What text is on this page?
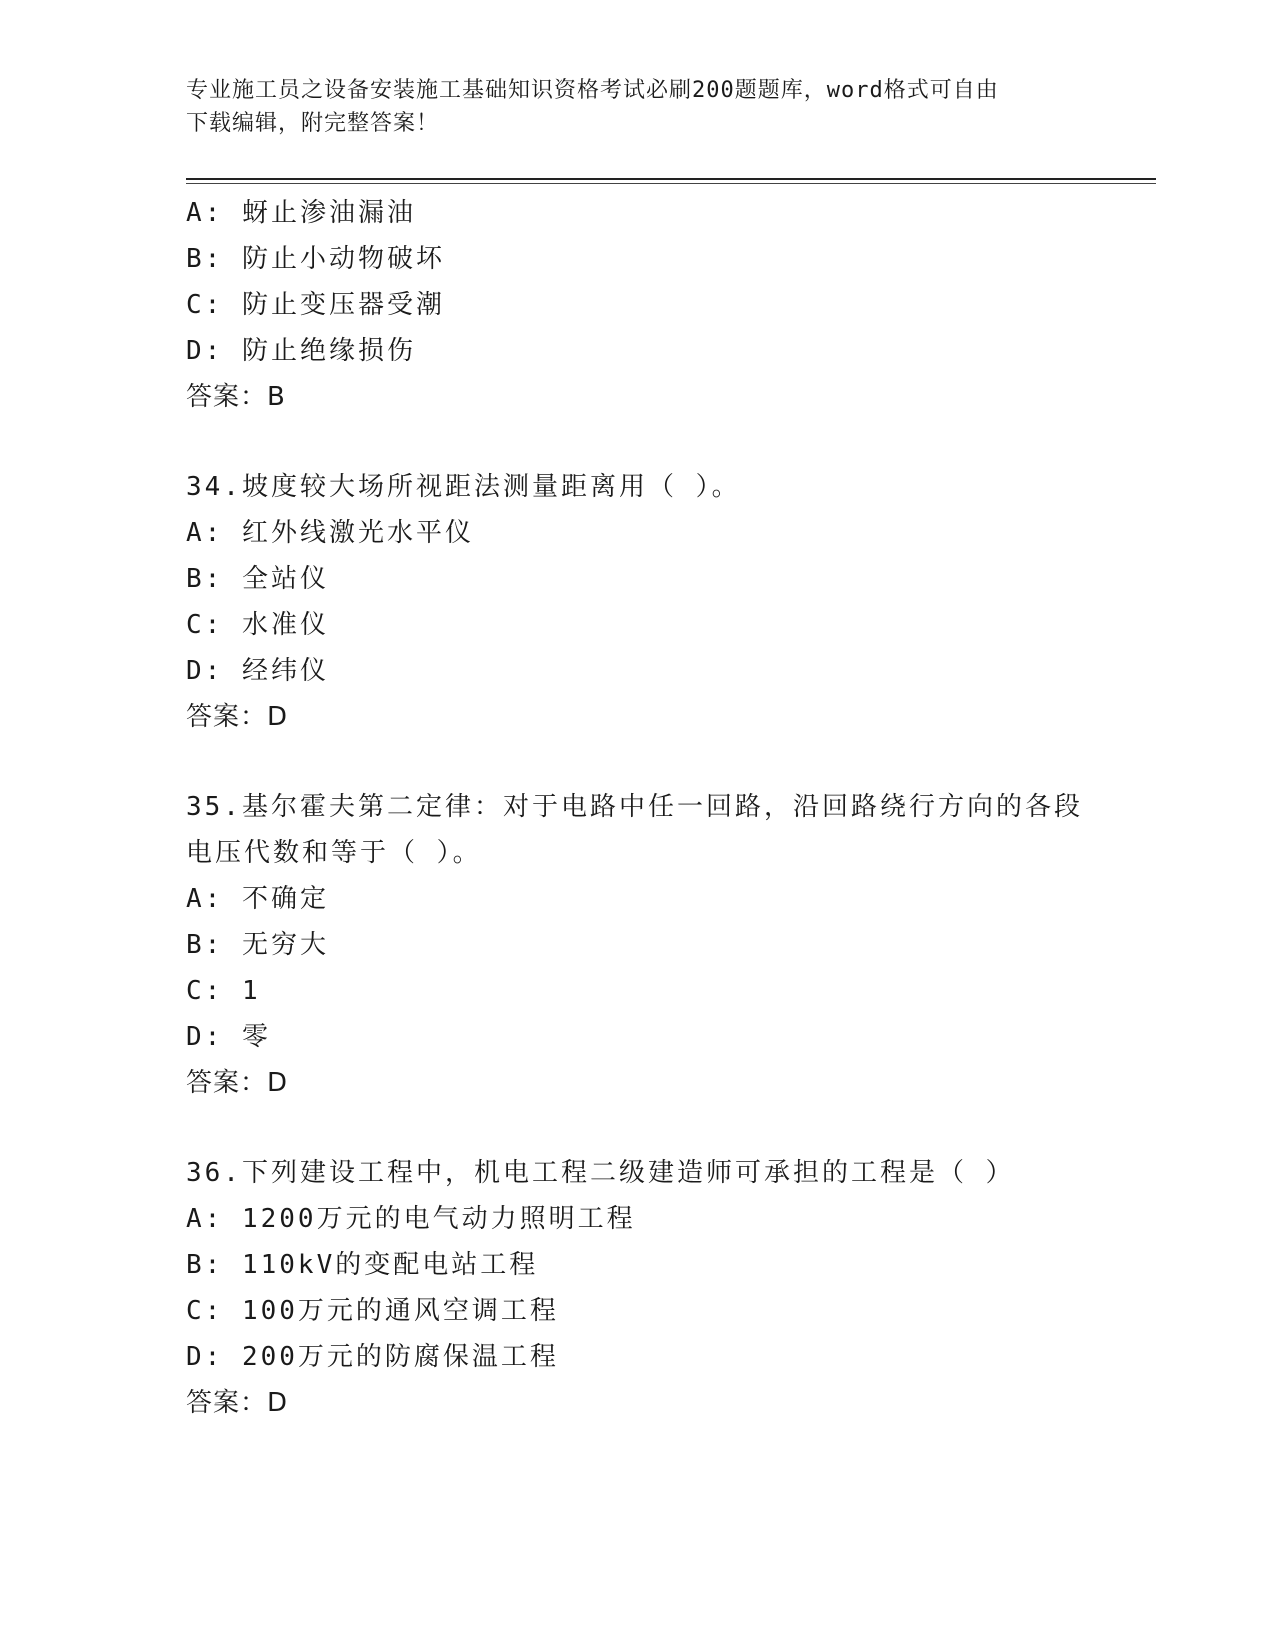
专业施工员之设备安装施工基础知识资格考试必刷200题题库，word格式可自由
下载编辑，附完整答案！
A: 蚜止渗油漏油
B: 防止小动物破坏
C: 防止变压器受潮
D: 防止绝缘损伤
答案：B
34.坡度较大场所视距法测量距离用（ ）。
A: 红外线激光水平仪
B: 全站仪
C: 水准仪
D: 经纬仪
答案：D
35.基尔霍夫第二定律：对于电路中任一回路，沿回路绕行方向的各段
电压代数和等于（ ）。
A: 不确定
B: 无穷大
C: 1
D: 零
答案：D
36.下列建设工程中，机电工程二级建造师可承担的工程是（ ）
A: 1200万元的电气动力照明工程
B: 110kV的变配电站工程
C: 100万元的通风空调工程
D: 200万元的防腐保温工程
答案：D
